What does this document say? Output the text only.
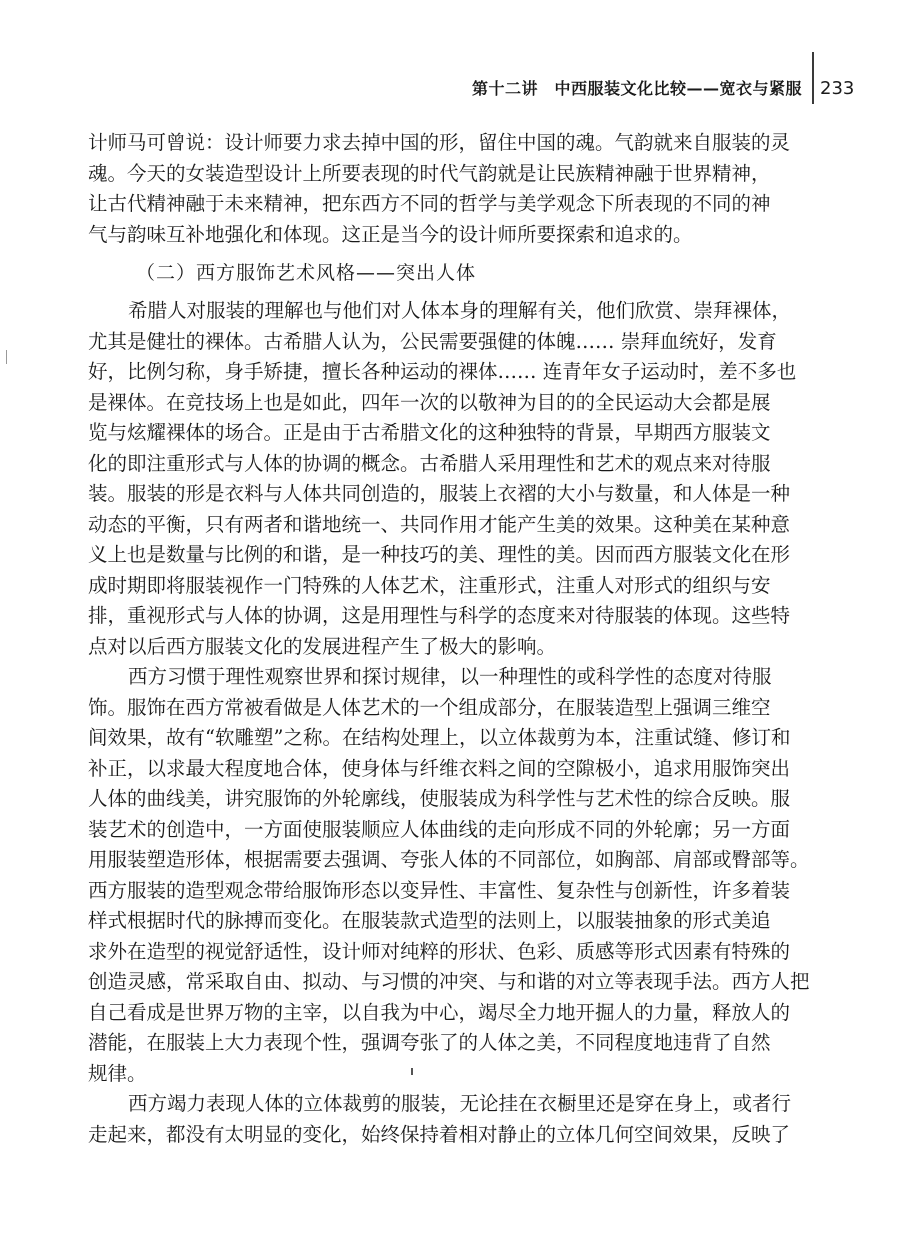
第十二讲　中西服装文化比较——宽衣与紧服 233
计师马可曾说：设计师要力求去掉中国的形，留住中国的魂。气韵就来自服装的灵
魂。今天的女装造型设计上所要表现的时代气韵就是让民族精神融于世界精神，
让古代精神融于未来精神，把东西方不同的哲学与美学观念下所表现的不同的神
气与韵味互补地强化和体现。这正是当今的设计师所要探索和追求的。
（二）西方服饰艺术风格——突出人体
希腊人对服装的理解也与他们对人体本身的理解有关，他们欣赏、崇拜裸体，
尤其是健壮的裸体。古希腊人认为，公民需要强健的体魄…… 崇拜血统好，发育
好，比例匀称，身手矫捷，擅长各种运动的裸体…… 连青年女子运动时，差不多也
是裸体。在竞技场上也是如此，四年一次的以敬神为目的的全民运动大会都是展
览与炫耀裸体的场合。正是由于古希腊文化的这种独特的背景，早期西方服装文
化的即注重形式与人体的协调的概念。古希腊人采用理性和艺术的观点来对待服
装。服装的形是衣料与人体共同创造的，服装上衣褶的大小与数量，和人体是一种
动态的平衡，只有两者和谐地统一、共同作用才能产生美的效果。这种美在某种意
义上也是数量与比例的和谐，是一种技巧的美、理性的美。因而西方服装文化在形
成时期即将服装视作一门特殊的人体艺术，注重形式，注重人对形式的组织与安
排，重视形式与人体的协调，这是用理性与科学的态度来对待服装的体现。这些特
点对以后西方服装文化的发展进程产生了极大的影响。
西方习惯于理性观察世界和探讨规律，以一种理性的或科学性的态度对待服
饰。服饰在西方常被看做是人体艺术的一个组成部分，在服装造型上强调三维空
间效果，故有“软雕塑”之称。在结构处理上，以立体裁剪为本，注重试缝、修订和
补正，以求最大程度地合体，使身体与纤维衣料之间的空隙极小，追求用服饰突出
人体的曲线美，讲究服饰的外轮廓线，使服装成为科学性与艺术性的综合反映。服
装艺术的创造中，一方面使服装顺应人体曲线的走向形成不同的外轮廓；另一方面
用服装塑造形体，根据需要去强调、夸张人体的不同部位，如胸部、肩部或臀部等。
西方服装的造型观念带给服饰形态以变异性、丰富性、复杂性与创新性，许多着装
样式根据时代的脉搏而变化。在服装款式造型的法则上，以服装抽象的形式美追
求外在造型的视觉舒适性，设计师对纯粹的形状、色彩、质感等形式因素有特殊的
创造灵感，常采取自由、拟动、与习惯的冲突、与和谐的对立等表现手法。西方人把
自己看成是世界万物的主宰，以自我为中心，竭尽全力地开掘人的力量，释放人的
潜能，在服装上大力表现个性，强调夸张了的人体之美，不同程度地违背了自然
规律。
西方竭力表现人体的立体裁剪的服装，无论挂在衣橱里还是穿在身上，或者行
走起来，都没有太明显的变化，始终保持着相对静止的立体几何空间效果，反映了
